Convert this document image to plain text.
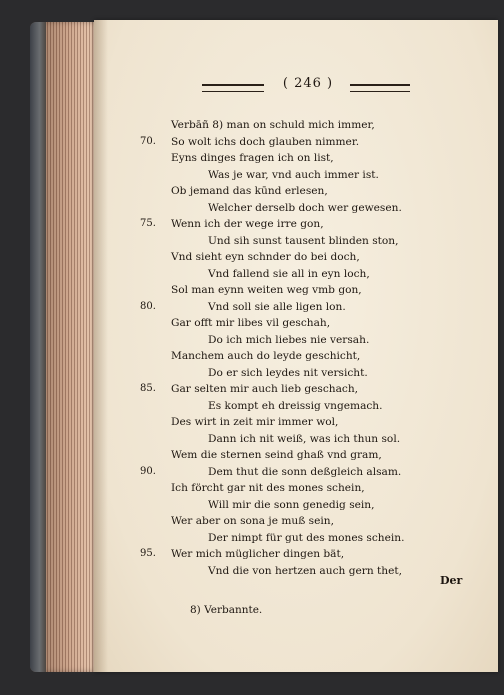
( 246 )
Verbāñ 8) man on schuld mich immer,
70. So wolt ichs doch glauben nimmer.
Eyns dinges fragen ich on list,
Was je war, vnd auch immer ist.
Ob jemand das kūnd erlesen,
Welcher derselb doch wer gewesen.
75. Wenn ich der wege irre gon,
Und sih sunst tausent blinden ston,
Vnd sieht eyn schnder do bei doch,
Vnd fallend sie all in eyn loch,
Sol man eynn weiten weg vmb gon,
80.	Vnd soll sie alle ligen lon.
Gar offt mir libes vil geschah,
Do ich mich liebes nie versah.
Manchem auch do leyde geschicht,
Do er sich leydes nit versicht.
85. Gar selten mir auch lieb geschach,
Es kompt eh dreissig vngemach.
Des wirt in zeit mir immer wol,
Dann ich nit weiß, was ich thun sol.
Wem die sternen seind ghaß vnd gram,
90.	Dem thut die sonn deßgleich alsam.
Ich förcht gar nit des mones schein,
Will mir die sonn genedig sein,
Wer aber on sona je muß sein,
Der nimpt für gut des mones schein.
95. Wer mich müglicher dingen bät,
Vnd die von hertzen auch gern thet,
Der
8) Verbannte.
